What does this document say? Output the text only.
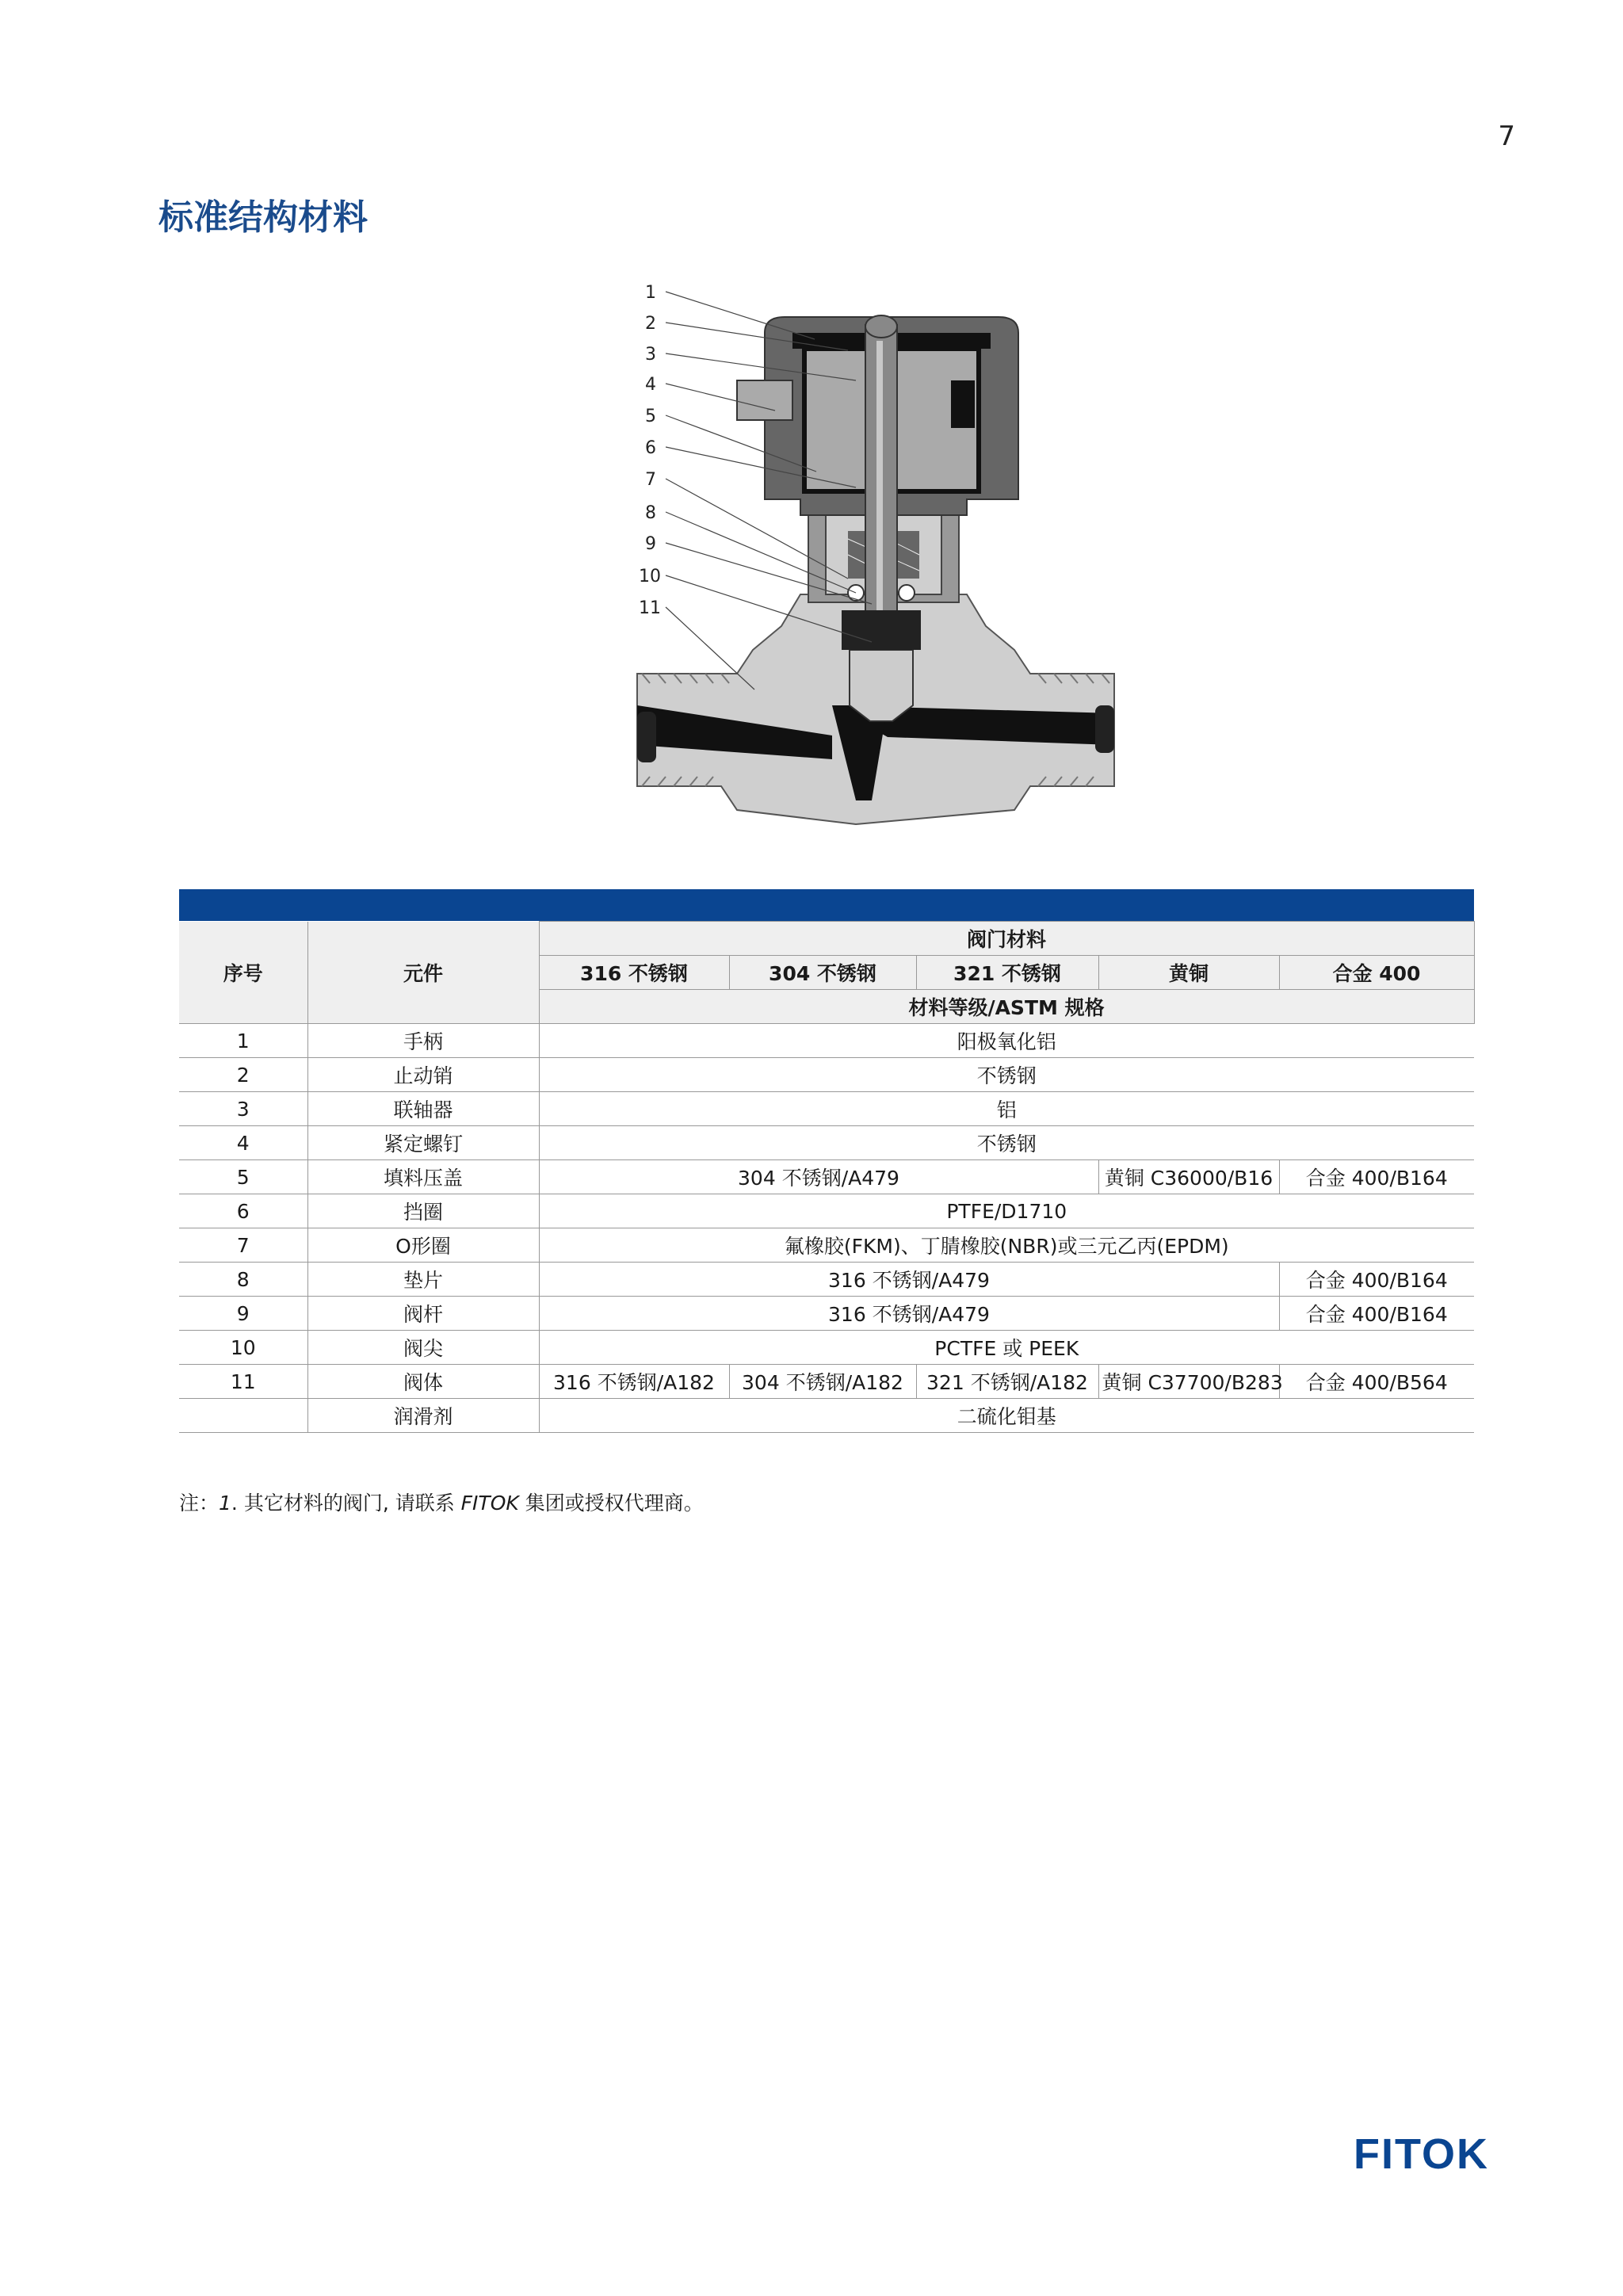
7
标准结构材料
1
2
3
4
5
6
7
8
9
10
11
序号	元件	阀门材料				
		316 不锈钢	304 不锈钢	321 不锈钢	黄铜	合金 400
		材料等级/ASTM 规格				
1	手柄	阳极氧化铝				
2	止动销	不锈钢				
3	联轴器	铝				
4	紧定螺钉	不锈钢				
5	填料压盖	304 不锈钢/A479			黄铜 C36000/B16	合金 400/B164
6	挡圈	PTFE/D1710				
7	O形圈	氟橡胶(FKM)、丁腈橡胶(NBR)或三元乙丙(EPDM)				
8	垫片	316 不锈钢/A479				合金 400/B164
9	阀杆	316 不锈钢/A479				合金 400/B164
10	阀尖	PCTFE 或 PEEK				
11	阀体	316 不锈钢/A182	304 不锈钢/A182	321 不锈钢/A182	黄铜 C37700/B283	合金 400/B564
	润滑剂	二硫化钼基				
注：1. 其它材料的阀门, 请联系 FITOK 集团或授权代理商。
FITOK
